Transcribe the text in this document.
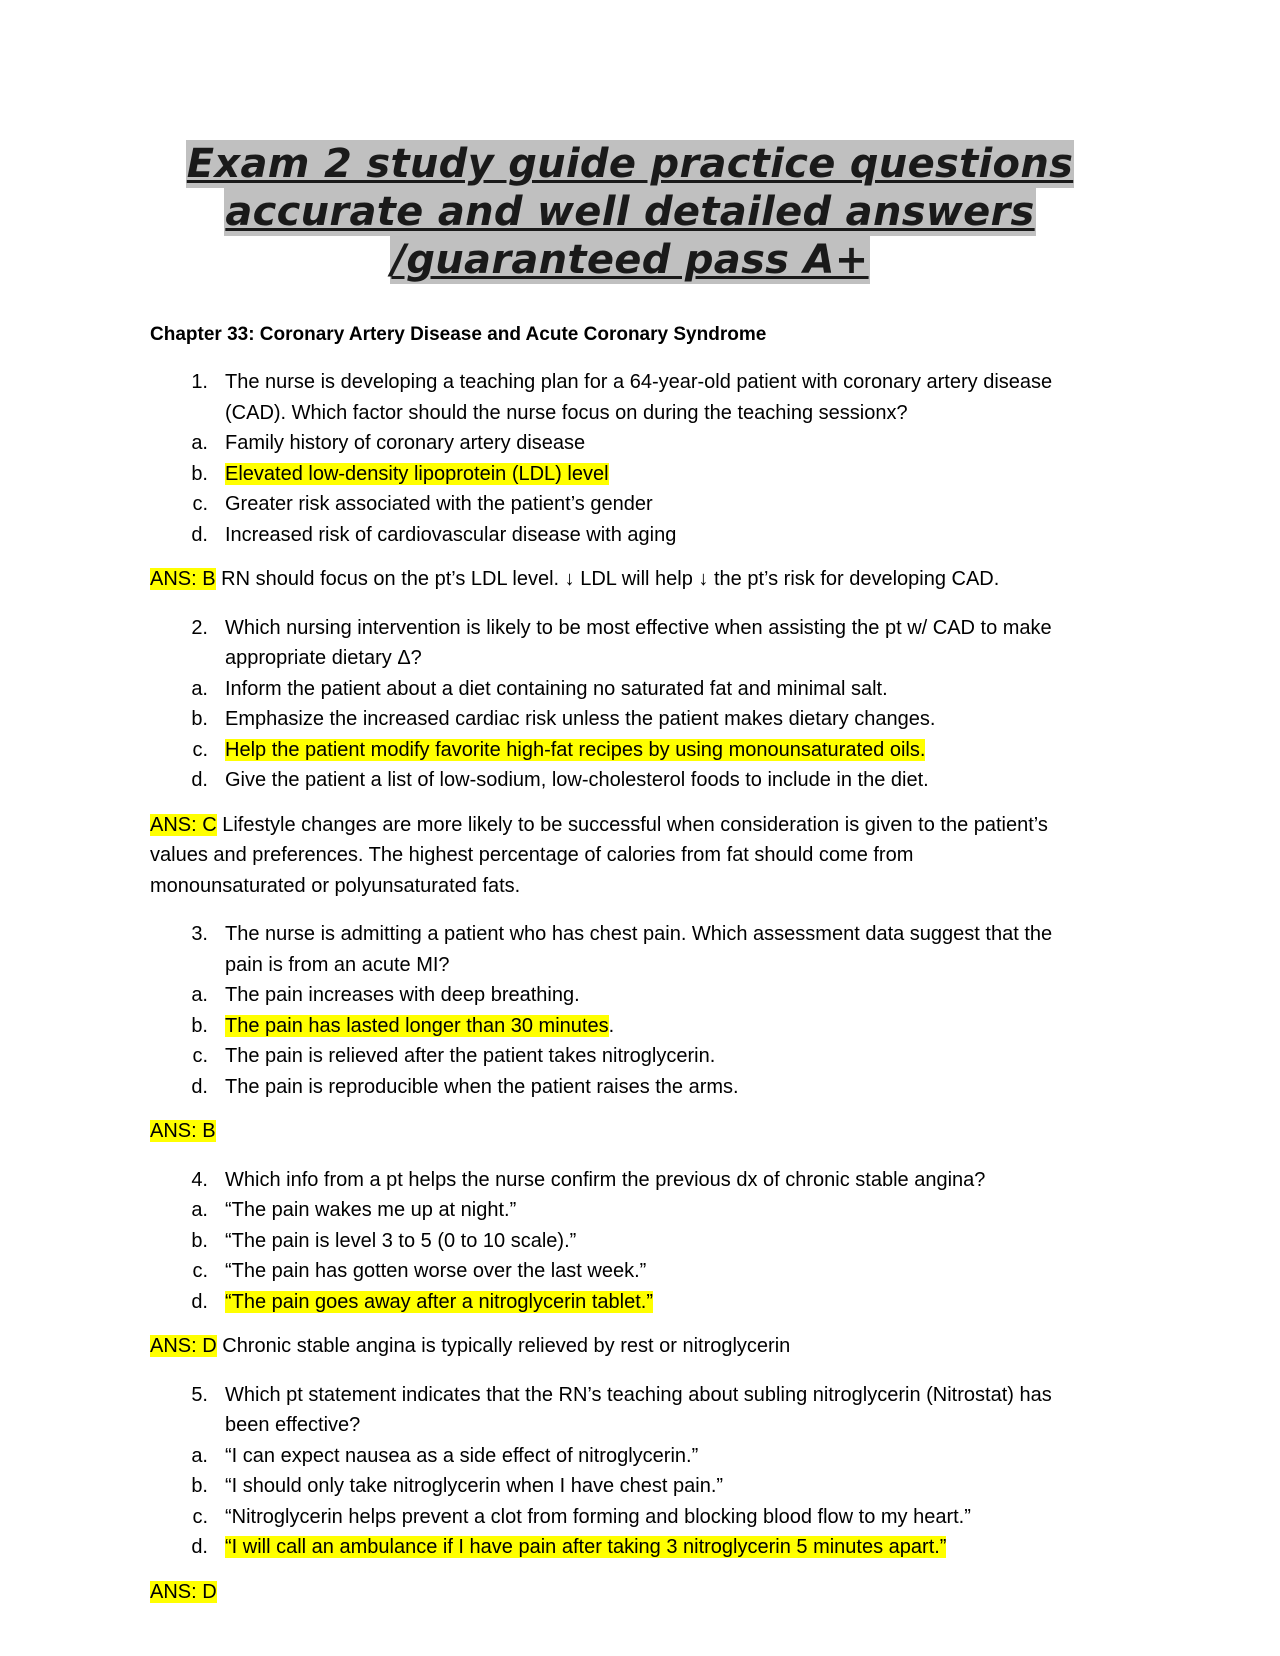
Exam 2 study guide practice questions
accurate and well detailed answers
/guaranteed pass A+
Chapter 33: Coronary Artery Disease and Acute Coronary Syndrome
1. The nurse is developing a teaching plan for a 64-year-old patient with coronary artery disease (CAD). Which factor should the nurse focus on during the teaching sessionx?
a. Family history of coronary artery disease
b. Elevated low-density lipoprotein (LDL) level
c. Greater risk associated with the patient’s gender
d. Increased risk of cardiovascular disease with aging
ANS: B RN should focus on the pt’s LDL level. ↓ LDL will help ↓ the pt’s risk for developing CAD.
2. Which nursing intervention is likely to be most effective when assisting the pt w/ CAD to make appropriate dietary Δ?
a. Inform the patient about a diet containing no saturated fat and minimal salt.
b. Emphasize the increased cardiac risk unless the patient makes dietary changes.
c. Help the patient modify favorite high-fat recipes by using monounsaturated oils.
d. Give the patient a list of low-sodium, low-cholesterol foods to include in the diet.
ANS: C Lifestyle changes are more likely to be successful when consideration is given to the patient’s values and preferences. The highest percentage of calories from fat should come from monounsaturated or polyunsaturated fats.
3. The nurse is admitting a patient who has chest pain. Which assessment data suggest that the pain is from an acute MI?
a. The pain increases with deep breathing.
b. The pain has lasted longer than 30 minutes.
c. The pain is relieved after the patient takes nitroglycerin.
d. The pain is reproducible when the patient raises the arms.
ANS: B
4. Which info from a pt helps the nurse confirm the previous dx of chronic stable angina?
a. “The pain wakes me up at night.”
b. “The pain is level 3 to 5 (0 to 10 scale).”
c. “The pain has gotten worse over the last week.”
d. “The pain goes away after a nitroglycerin tablet.”
ANS: D Chronic stable angina is typically relieved by rest or nitroglycerin
5. Which pt statement indicates that the RN’s teaching about subling nitroglycerin (Nitrostat) has been effective?
a. “I can expect nausea as a side effect of nitroglycerin.”
b. “I should only take nitroglycerin when I have chest pain.”
c. “Nitroglycerin helps prevent a clot from forming and blocking blood flow to my heart.”
d. “I will call an ambulance if I have pain after taking 3 nitroglycerin 5 minutes apart.”
ANS: D
